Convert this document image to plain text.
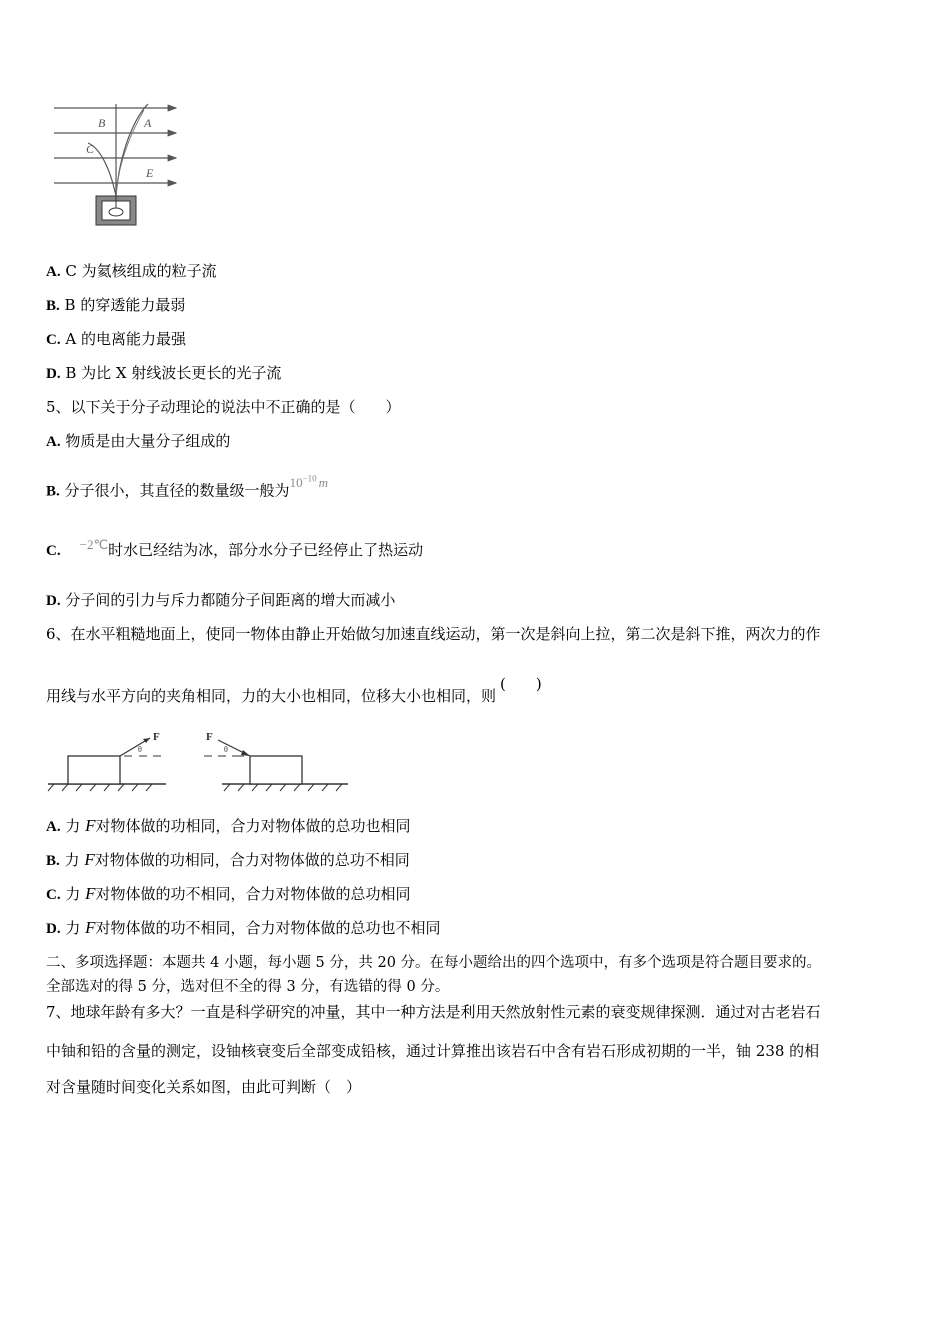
B	A
C
E
A. C 为氦核组成的粒子流
B. B 的穿透能力最弱
C. A 的电离能力最强
D. B 为比 X 射线波长更长的光子流
5、以下关于分子动理论的说法中不正确的是（　　）
A. 物质是由大量分子组成的
B. 分子很小，其直径的数量级一般为$10^{-10}$ m
C. −2℃时水已经结为冰，部分水分子已经停止了热运动
D. 分子间的引力与斥力都随分子间距离的增大而减小
6、在水平粗糙地面上，使同一物体由静止开始做匀加速直线运动，第一次是斜向上拉，第二次是斜下推，两次力的作
用线与水平方向的夹角相同，力的大小也相同，位移大小也相同，则(　　)
F
θ
F
θ
A. 力 F对物体做的功相同，合力对物体做的总功也相同
B. 力 F对物体做的功相同，合力对物体做的总功不相同
C. 力 F对物体做的功不相同，合力对物体做的总功相同
D. 力 F对物体做的功不相同，合力对物体做的总功也不相同
二、多项选择题：本题共 4 小题，每小题 5 分，共 20 分。在每小题给出的四个选项中，有多个选项是符合题目要求的。
全部选对的得 5 分，选对但不全的得 3 分，有选错的得 0 分。
7、地球年龄有多大？一直是科学研究的冲量，其中一种方法是利用天然放射性元素的衰变规律探测．通过对古老岩石
中铀和铅的含量的测定，设铀核衰变后全部变成铅核，通过计算推出该岩石中含有岩石形成初期的一半，铀 238 的相
对含量随时间变化关系如图，由此可判断（　）
